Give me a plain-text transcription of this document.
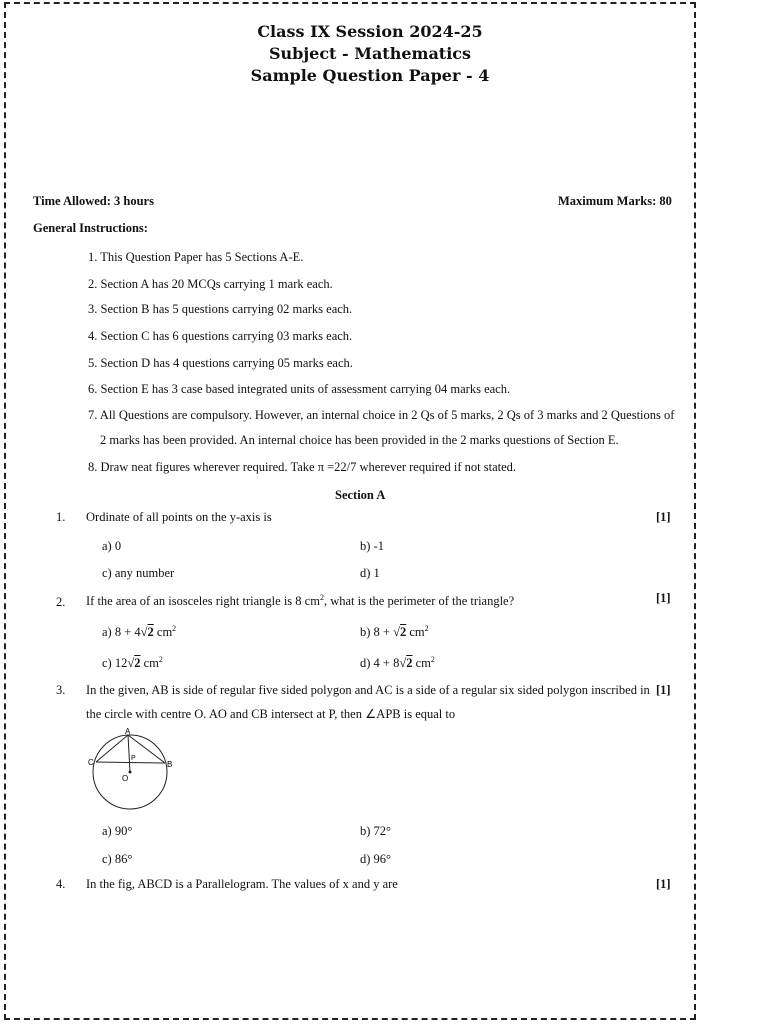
Class IX Session 2024-25
Subject - Mathematics
Sample Question Paper - 4
Time Allowed: 3 hours	Maximum Marks: 80
General Instructions:
1. This Question Paper has 5 Sections A-E.
2. Section A has 20 MCQs carrying 1 mark each.
3. Section B has 5 questions carrying 02 marks each.
4. Section C has 6 questions carrying 03 marks each.
5. Section D has 4 questions carrying 05 marks each.
6. Section E has 3 case based integrated units of assessment carrying 04 marks each.
7. All Questions are compulsory. However, an internal choice in 2 Qs of 5 marks, 2 Qs of 3 marks and 2 Questions of
2 marks has been provided. An internal choice has been provided in the 2 marks questions of Section E.
8. Draw neat figures wherever required. Take π =22/7 wherever required if not stated.
Section A
1. Ordinate of all points on the y-axis is	[1]
a) 0	b) -1
c) any number	d) 1
2. If the area of an isosceles right triangle is 8 $cm^2$, what is the perimeter of the triangle?	[1]
a) 8 + 4√2 $cm^2$	b) 8 + √2 $cm^2$
c) 12√2 $cm^2$	d) 4 + 8√2 $cm^2$
3. In the given, AB is side of regular five sided polygon and AC is a side of a regular six sided polygon inscribed in [1]
the circle with centre O. AO and CB intersect at P, then ∠APB is equal to
A
C	B
P
O
a) 90°	b) 72°
c) 86°	d) 96°
4. In the fig, ABCD is a Parallelogram. The values of x and y are	[1]
